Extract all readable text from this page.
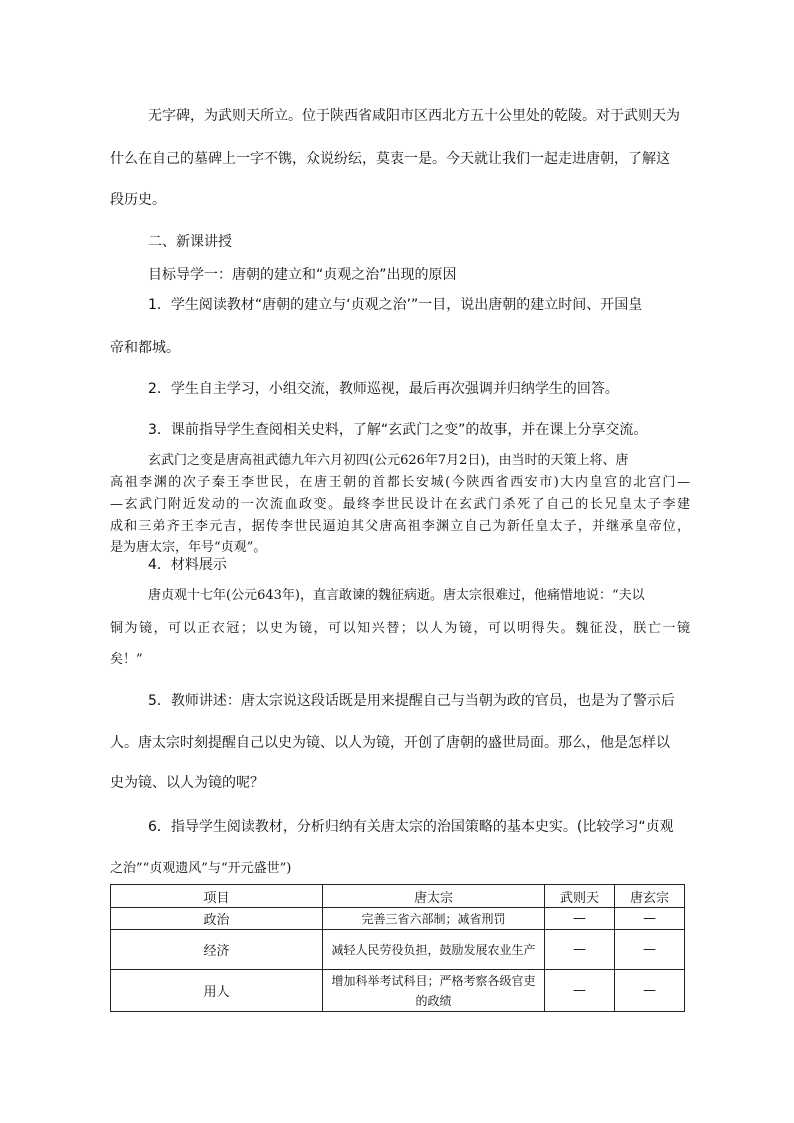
无字碑，为武则天所立。位于陕西省咸阳市区西北方五十公里处的乾陵。对于武则天为
什么在自己的墓碑上一字不镌，众说纷纭，莫衷一是。今天就让我们一起走进唐朝，了解这
段历史。
二、新课讲授
目标导学一：唐朝的建立和“贞观之治”出现的原因
1．学生阅读教材“唐朝的建立与‘贞观之治’”一目，说出唐朝的建立时间、开国皇
帝和都城。
2．学生自主学习，小组交流，教师巡视，最后再次强调并归纳学生的回答。
3．课前指导学生查阅相关史料，了解“玄武门之变”的故事，并在课上分享交流。
玄武门之变是唐高祖武德九年六月初四(公元626年7月2日)，由当时的天策上将、唐
高祖李渊的次子秦王李世民，在唐王朝的首都长安城(今陕西省西安市)大内皇宫的北宫门—
—玄武门附近发动的一次流血政变。最终李世民设计在玄武门杀死了自己的长兄皇太子李建
成和三弟齐王李元吉，据传李世民逼迫其父唐高祖李渊立自己为新任皇太子，并继承皇帝位，
是为唐太宗，年号“贞观”。
4．材料展示
唐贞观十七年(公元643年)，直言敢谏的魏征病逝。唐太宗很难过，他痛惜地说：“夫以
铜为镜，可以正衣冠；以史为镜，可以知兴替；以人为镜，可以明得失。魏征没，朕亡一镜
矣！”
5．教师讲述：唐太宗说这段话既是用来提醒自己与当朝为政的官员，也是为了警示后
人。唐太宗时刻提醒自己以史为镜、以人为镜，开创了唐朝的盛世局面。那么，他是怎样以
史为镜、以人为镜的呢？
6．指导学生阅读教材，分析归纳有关唐太宗的治国策略的基本史实。(比较学习“贞观
之治”“贞观遗风”与“开元盛世”)
项目	唐太宗	武则天	唐玄宗
政治	完善三省六部制；减省刑罚	—	—
经济	减轻人民劳役负担，鼓励发展农业生产	—	—
用人	增加科举考试科目；严格考察各级官吏的政绩	—	—
